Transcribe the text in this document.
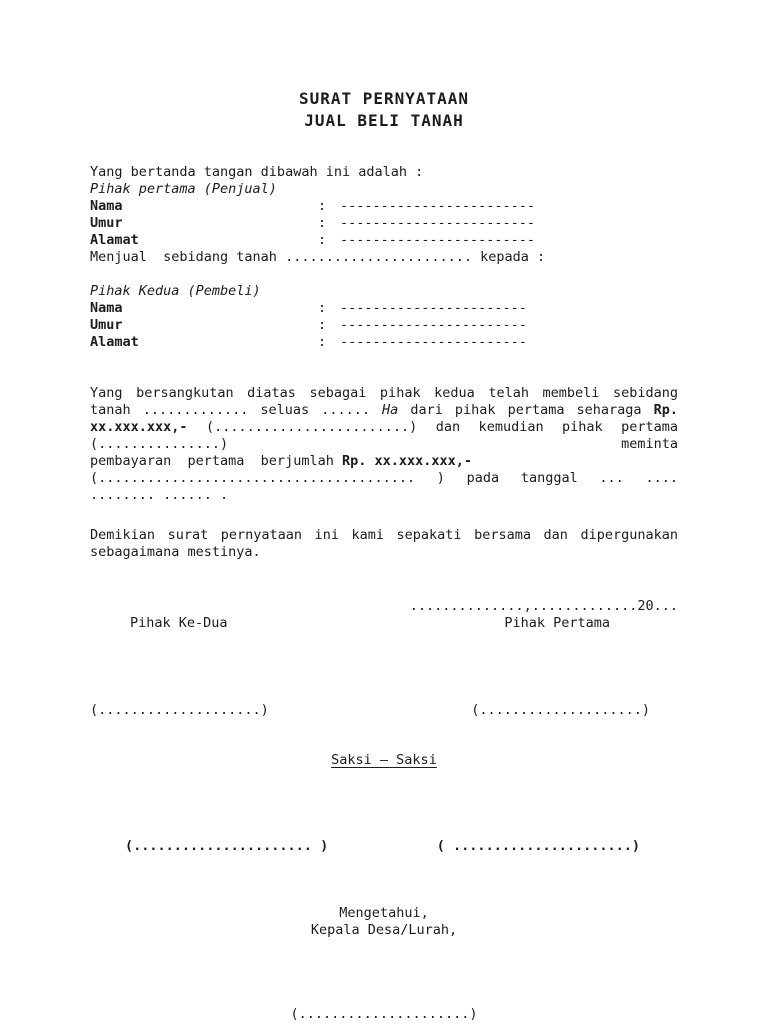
SURAT PERNYATAAN
JUAL BELI TANAH
Yang bertanda tangan dibawah ini adalah :
Pihak pertama (Penjual)
Nama	: ------------------------
Umur	: ------------------------
Alamat	: ------------------------
Menjual  sebidang tanah ....................... kepada :
Pihak Kedua (Pembeli)
Nama	: -----------------------
Umur	: -----------------------
Alamat	: -----------------------
Yang bersangkutan diatas sebagai pihak kedua telah membeli sebidang
tanah ............. seluas ...... Ha dari pihak pertama seharaga Rp.
xx.xxx.xxx,- (........................) dan kemudian pihak pertama
(...............)	meminta
pembayaran  pertama  berjumlah Rp. xx.xxx.xxx,-
(....................................... ) pada tanggal ... ....
........ ...... .
Demikian surat pernyataan ini kami sepakati bersama dan dipergunakan
sebagaimana mestinya.
..............,.............20...
Pihak Ke-Dua	Pihak Pertama
(....................)	(....................)
Saksi – Saksi
(...................... )	( ......................)
Mengetahui,
Kepala Desa/Lurah,
(.....................)
